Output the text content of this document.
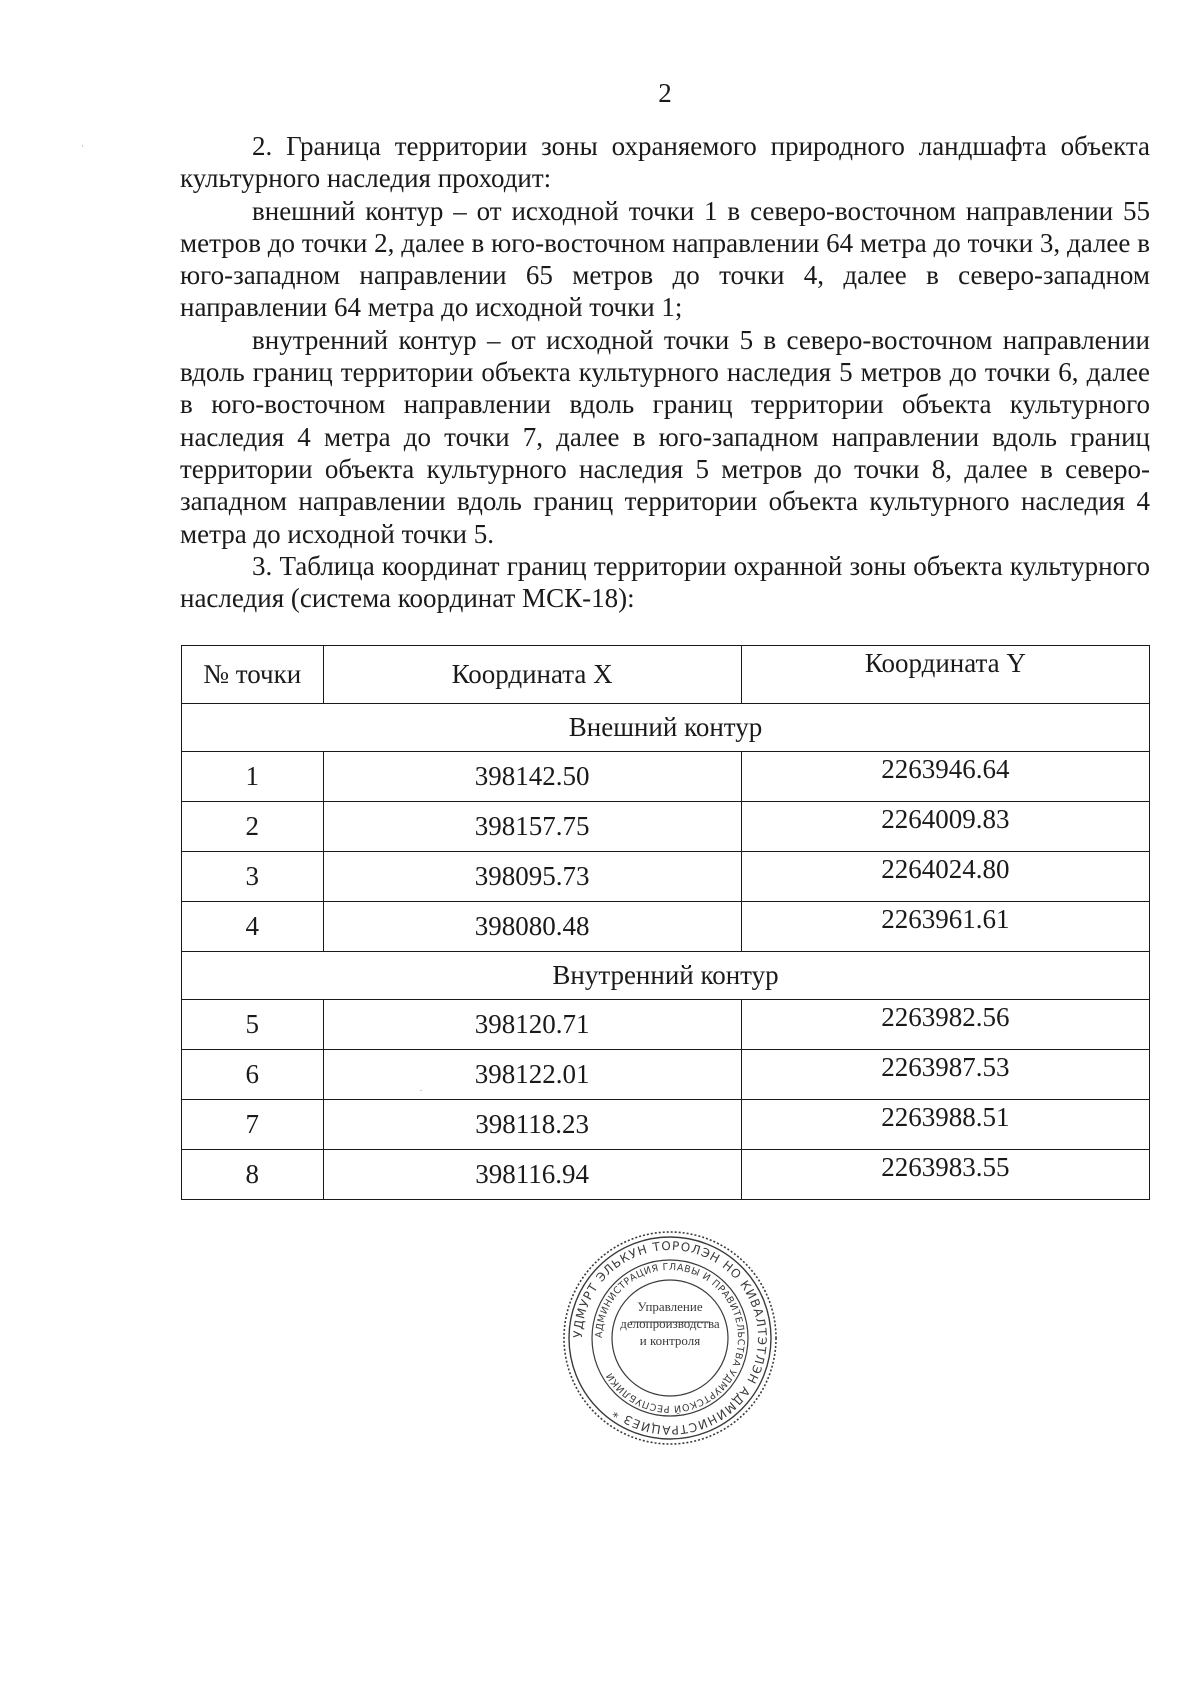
2

2. Граница территории зоны охраняемого природного ландшафта объекта культурного наследия проходит:

внешний контур – от исходной точки 1 в северо-восточном направлении 55 метров до точки 2, далее в юго-восточном направлении 64 метра до точки 3, далее в юго-западном направлении 65 метров до точки 4, далее в северо-западном направлении 64 метра до исходной точки 1;

внутренний контур – от исходной точки 5 в северо-восточном направлении вдоль границ территории объекта культурного наследия 5 метров до точки 6, далее в юго-восточном направлении вдоль границ территории объекта культурного наследия 4 метра до точки 7, далее в юго-западном направлении вдоль границ территории объекта культурного наследия 5 метров до точки 8, далее в северо-западном направлении вдоль границ территории объекта культурного наследия 4 метра до исходной точки 5.

3. Таблица координат границ территории охранной зоны объекта культурного наследия (система координат МСК-18):

№ точки	Координата X	Координата Y
Внешний контур		
1	398142.50	2263946.64
2	398157.75	2264009.83
3	398095.73	2264024.80
4	398080.48	2263961.61
Внутренний контур		
5	398120.71	2263982.56
6	398122.01	2263987.53
7	398118.23	2263988.51
8	398116.94	2263983.55
УДМУРТ ЭЛЬКУН ТОРОЛЭН НО КИВАЛТЭТЛЭН АДМИНИСТРАЦИЕЗ *
АДМИНИСТРАЦИЯ ГЛАВЫ И ПРАВИТЕЛЬСТВА УДМУРТСКОЙ РЕСПУБЛИКИ
Управление
делопроизводства
и контроля
